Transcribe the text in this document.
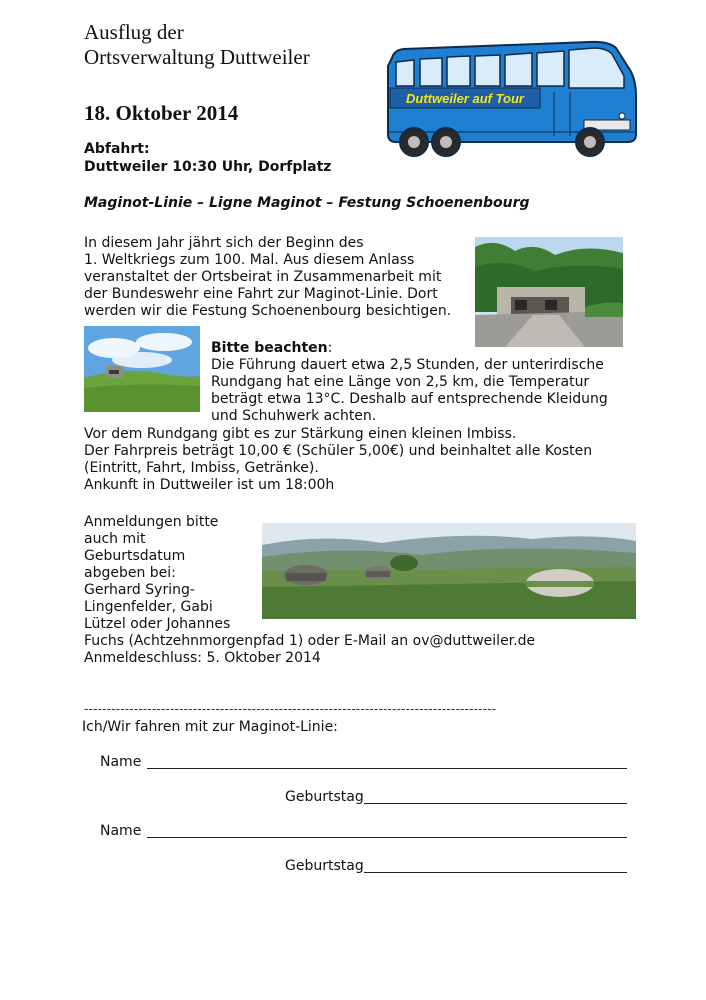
Ausflug der
Ortsverwaltung Duttweiler
18. Oktober 2014
Duttweiler auf Tour
Abfahrt:
Duttweiler 10:30 Uhr, Dorfplatz
Maginot-Linie – Ligne Maginot – Festung Schoenenbourg
In diesem Jahr jährt sich der Beginn des
1. Weltkriegs zum 100. Mal. Aus diesem Anlass
veranstaltet der Ortsbeirat in Zusammenarbeit mit
der Bundeswehr eine Fahrt zur Maginot-Linie. Dort
werden wir die Festung Schoenenbourg besichtigen.
Bitte beachten:
Die Führung dauert etwa 2,5 Stunden, der unterirdische
Rundgang hat eine Länge von 2,5 km, die Temperatur
beträgt etwa 13°C. Deshalb auf entsprechende Kleidung
und Schuhwerk achten.
Vor dem Rundgang gibt es zur Stärkung einen kleinen Imbiss.
Der Fahrpreis beträgt 10,00 € (Schüler 5,00€) und beinhaltet alle Kosten
(Eintritt, Fahrt, Imbiss, Getränke).
Ankunft in Duttweiler ist um 18:00h
Anmeldungen bitte
auch mit
Geburtsdatum
abgeben bei:
Gerhard Syring-
Lingenfelder, Gabi
Lützel oder Johannes
Fuchs (Achtzehnmorgenpfad 1) oder E-Mail an ov@duttweiler.de
Anmeldeschluss: 5. Oktober 2014
-------------------------------------------------------------------------------------------
Ich/Wir fahren mit zur Maginot-Linie:
Name
Geburtstag
Name
Geburtstag
